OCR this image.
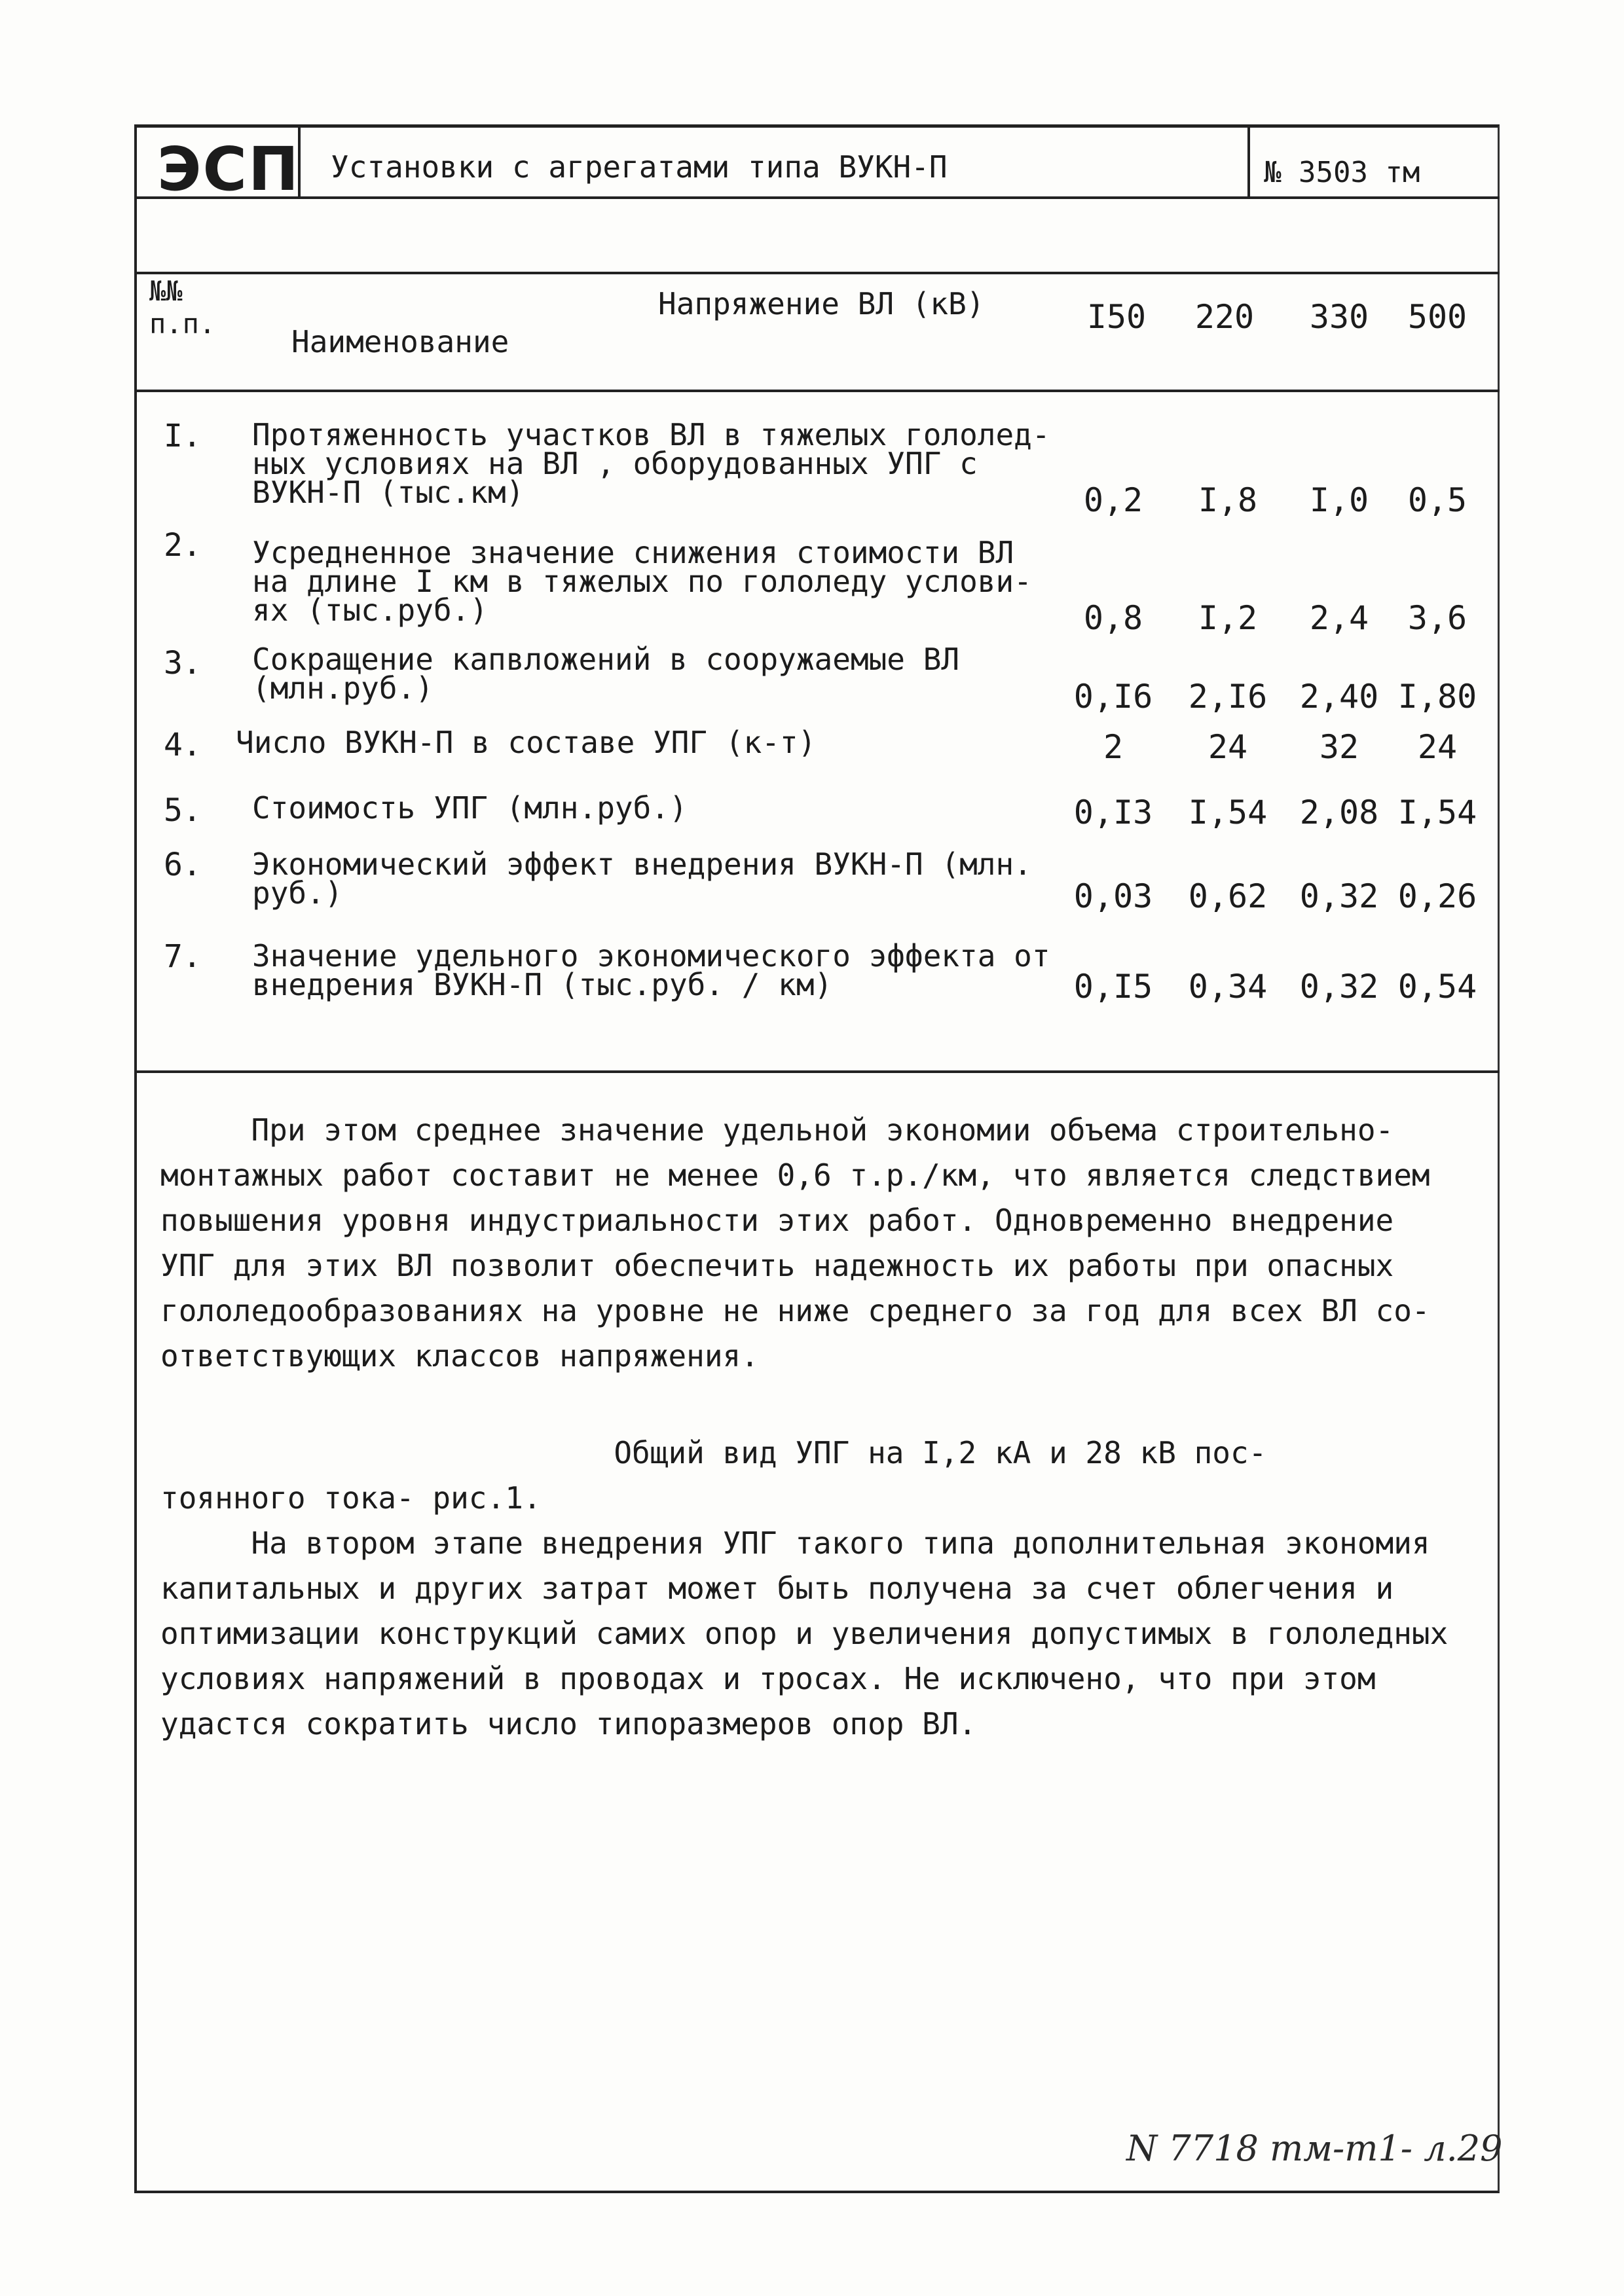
ЭСП Установки с агрегатами типа ВУКН-П	№ 3503 тм
№№ п.п.
Наименование
Напряжение ВЛ (кВ)	I50	220	330	500
I. Протяженность участков ВЛ в тяжелых гололед-
ных условиях на ВЛ , оборудованных УПГ с
ВУКН-П (тыс.км)	0,2	I,8	I,0	0,5
2. Усредненное значение снижения стоимости ВЛ
на длине I км в тяжелых по гололеду услови-
ях (тыс.руб.)	0,8	I,2	2,4	3,6
3. Сокращение капвложений в сооружаемые ВЛ
(млн.руб.)	0,I6	2,I6 2,40 I,80
4. Число ВУКН-П в составе УПГ (к-т)	2	24	32	24
5. Стоимость УПГ (млн.руб.)	0,I3	I,54 2,08 I,54
6. Экономический эффект внедрения ВУКН-П (млн.
руб.)	0,03	0,62 0,32 0,26
7. Значение удельного экономического эффекта от
внедрения ВУКН-П (тыс.руб. / км)	0,I5	0,34 0,32 0,54
При этом среднее значение удельной экономии объема строительно-
монтажных работ составит не менее 0,6 т.р./км, что является следствием
повышения уровня индустриальности этих работ. Одновременно внедрение
УПГ для этих ВЛ позволит обеспечить надежность их работы при опасных
гололедообразованиях на уровне не ниже среднего за год для всех ВЛ со-
ответствующих классов напряжения.
Общий вид УПГ на I,2 кА и 28 кВ пос-
тоянного тока- рис.1.
На втором этапе внедрения УПГ такого типа дополнительная экономия
капитальных и других затрат может быть получена за счет облегчения и
оптимизации конструкций самих опор и увеличения допустимых в гололедных
условиях напряжений в проводах и тросах. Не исключено, что при этом
удастся сократить число типоразмеров опор ВЛ.
N 7718 тм-т1- л.29
